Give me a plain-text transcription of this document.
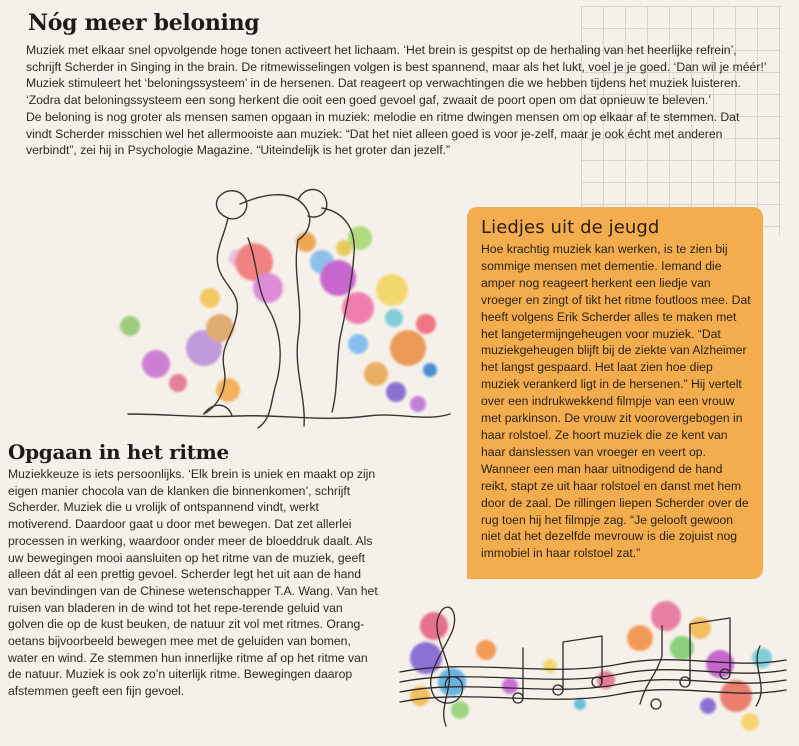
Nóg meer beloning

Muziek met elkaar snel opvolgende hoge tonen activeert het lichaam. ‘Het brein is gespitst op de herhaling van het heerlijke refrein’, schrijft Scherder in Singing in the brain. De ritmewisselingen volgen is best spannend, maar als het lukt, voel je je goed. ‘Dan wil je méér!’ Muziek stimuleert het ‘beloningssysteem’ in de hersenen. Dat reageert op verwachtingen die we hebben tijdens het muziek luisteren. ‘Zodra dat beloningssysteem een song herkent die ooit een goed gevoel gaf, zwaait de poort open om dat opnieuw te beleven.’

De beloning is nog groter als mensen samen opgaan in muziek: melodie en ritme dwingen mensen om op elkaar af te stemmen. Dat vindt Scherder misschien wel het allermooiste aan muziek: “Dat het niet alleen goed is voor je-zelf, maar je ook écht met anderen verbindt”, zei hij in Psychologie Magazine. “Uiteindelijk is het groter dan jezelf.”

Liedjes uit de jeugd

Hoe krachtig muziek kan werken, is te zien bij sommige mensen met dementie. Iemand die amper nog reageert herkent een liedje van vroeger en zingt of tikt het ritme foutloos mee. Dat heeft volgens Erik Scherder alles te maken met het langetermijngeheugen voor muziek. “Dat muziekgeheugen blijft bij de ziekte van Alzheimer het langst gespaard. Het laat zien hoe diep muziek verankerd ligt in de hersenen.” Hij vertelt over een indrukwekkend filmpje van een vrouw met parkinson. De vrouw zit voorovergebogen in haar rolstoel. Ze hoort muziek die ze kent van haar danslessen van vroeger en veert op. Wanneer een man haar uitnodigend de hand reikt, stapt ze uit haar rolstoel en danst met hem door de zaal. De rillingen liepen Scherder over de rug toen hij het filmpje zag. “Je gelooft gewoon niet dat het dezelfde mevrouw is die zojuist nog immobiel in haar rolstoel zat.”

Opgaan in het ritme

Muziekkeuze is iets persoonlijks. ‘Elk brein is uniek en maakt op zijn eigen manier chocola van de klanken die binnenkomen’, schrijft Scherder. Muziek die u vrolijk of ontspannend vindt, werkt motiverend. Daardoor gaat u door met bewegen. Dat zet allerlei processen in werking, waardoor onder meer de bloeddruk daalt. Als uw bewegingen mooi aansluiten op het ritme van de muziek, geeft alleen dát al een prettig gevoel. Scherder legt het uit aan de hand van bevindingen van de Chinese wetenschapper T.A. Wang. Van het ruisen van bladeren in de wind tot het repe-terende geluid van golven die op de kust beuken, de natuur zit vol met ritmes. Orang-oetans bijvoorbeeld bewegen mee met de geluiden van bomen, water en wind. Ze stemmen hun innerlijke ritme af op het ritme van de natuur. Muziek is ook zo’n uiterlijk ritme. Bewegingen daarop afstemmen geeft een fijn gevoel.
